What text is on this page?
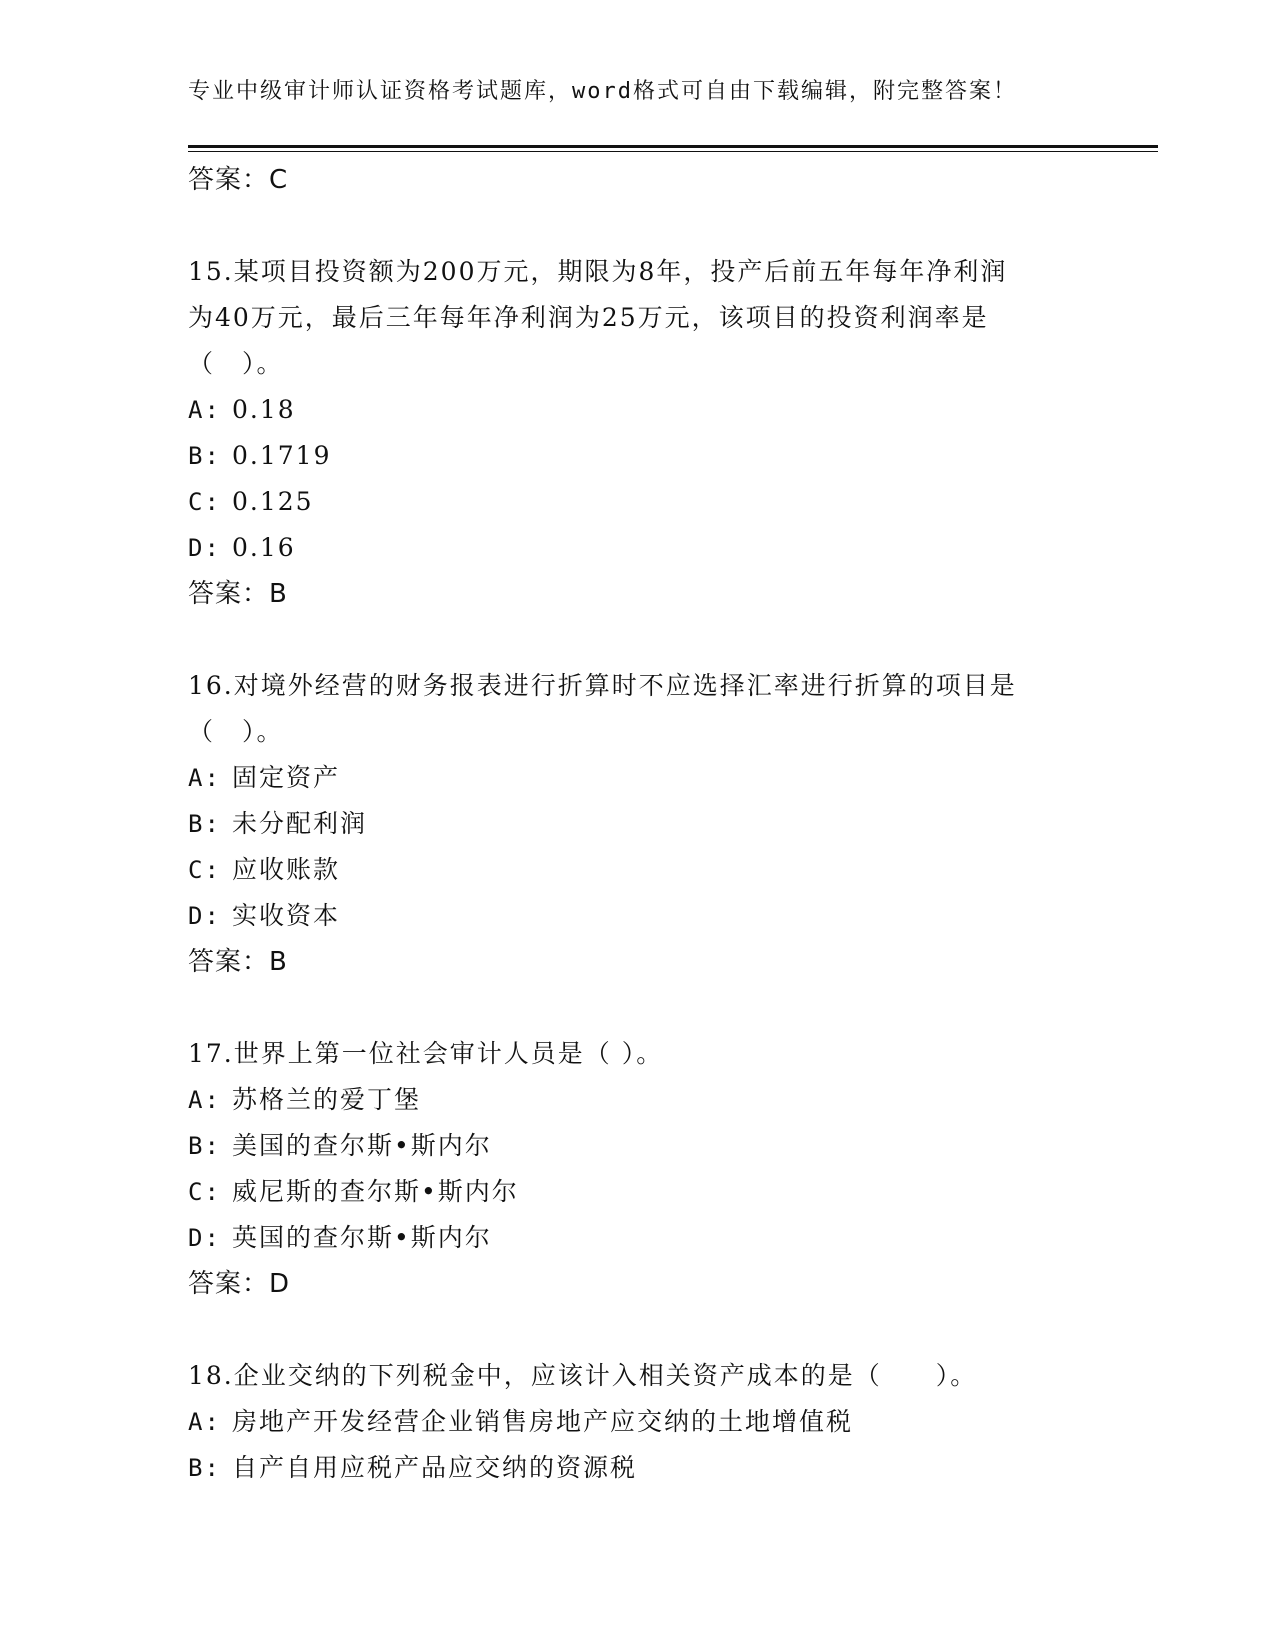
专业中级审计师认证资格考试题库，word格式可自由下载编辑，附完整答案！
答案：C
15.某项目投资额为200万元，期限为8年，投产后前五年每年净利润
为40万元，最后三年每年净利润为25万元，该项目的投资利润率是
（　）。
A: 0.18
B: 0.1719
C: 0.125
D: 0.16
答案：B
16.对境外经营的财务报表进行折算时不应选择汇率进行折算的项目是
（　）。
A: 固定资产
B: 未分配利润
C: 应收账款
D: 实收资本
答案：B
17.世界上第一位社会审计人员是（ ）。
A: 苏格兰的爱丁堡
B: 美国的查尔斯•斯内尔
C: 威尼斯的查尔斯•斯内尔
D: 英国的查尔斯•斯内尔
答案：D
18.企业交纳的下列税金中，应该计入相关资产成本的是（　　）。
A: 房地产开发经营企业销售房地产应交纳的土地增值税
B: 自产自用应税产品应交纳的资源税
